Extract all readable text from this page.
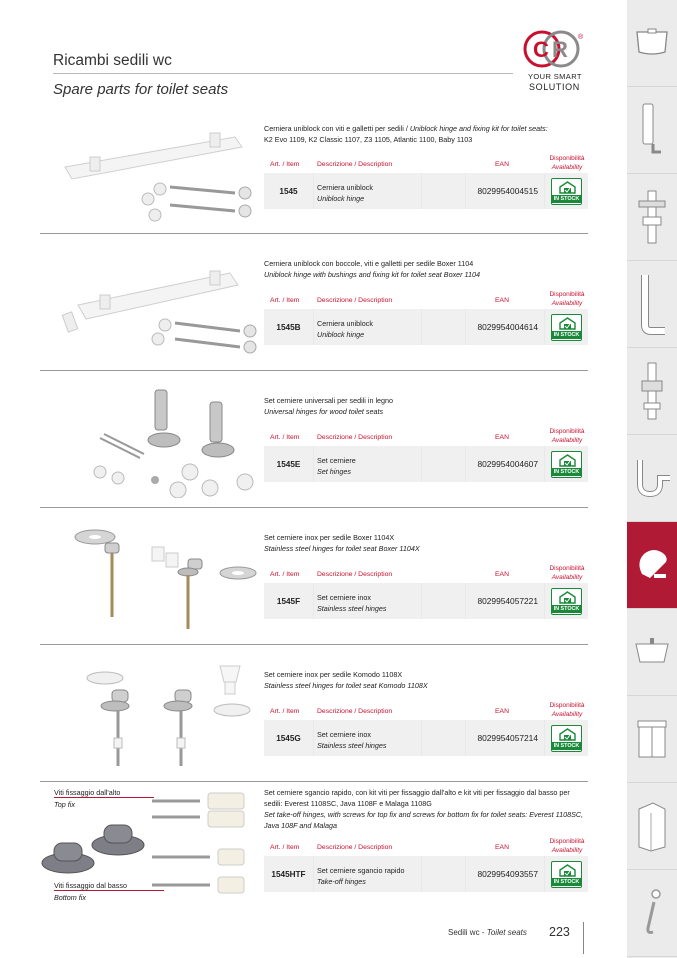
Ricambi sedili wc
Spare parts for toilet seats
C R ®
YOUR SMART
SOLUTION
Cerniera uniblock con viti e galletti per sedili / Uniblock hinge and fixing kit for toilet seats:
K2 Evo 1109, K2 Classic 1107, Z3 1105, Atlantic 1100, Baby 1103
Art. / Item	Descrizione / Description	EAN
Disponibilità
Availability
1545	Cerniera uniblock
Uniblock hinge
8029954004515
IN STOCK
Cerniera uniblock con boccole, viti e galletti per sedile Boxer 1104
Uniblock hinge with bushings and fixing kit for toilet seat Boxer 1104
Art. / Item	Descrizione / Description	EAN
Disponibilità
Availability
1545B	Cerniera uniblock
Uniblock hinge
8029954004614
IN STOCK
Set cerniere universali per sedili in legno
Universal hinges for wood toilet seats
Art. / Item	Descrizione / Description	EAN
Disponibilità
Availability
1545E	Set cerniere
Set hinges
8029954004607
IN STOCK
Set cerniere inox per sedile Boxer 1104X
Stainless steel hinges for toilet seat Boxer 1104X
Art. / Item	Descrizione / Description	EAN
Disponibilità
Availability
1545F	Set cerniere inox
Stainless steel hinges
8029954057221
IN STOCK
Set cerniere inox per sedile Komodo 1108X
Stainless steel hinges for toilet seat Komodo 1108X
Art. / Item	Descrizione / Description	EAN
Disponibilità
Availability
1545G	Set cerniere inox
Stainless steel hinges
8029954057214
IN STOCK
Set cerniere sgancio rapido, con kit viti per fissaggio dall'alto e kit viti per fissaggio dal basso per sedili: Everest 1108SC, Java 1108F e Malaga 1108G
Set take-off hinges, with screws for top fix and screws for bottom fix for toilet seats: Everest 1108SC, Java 108F and Malaga
Art. / Item	Descrizione / Description	EAN
Disponibilità
Availability
1545HTF	Set cerniere sgancio rapido
Take-off hinges
8029954093557
IN STOCK
Viti fissaggio dall'alto
Top fix
Viti fissaggio dal basso
Bottom fix
Sedili wc - Toilet seats 223
